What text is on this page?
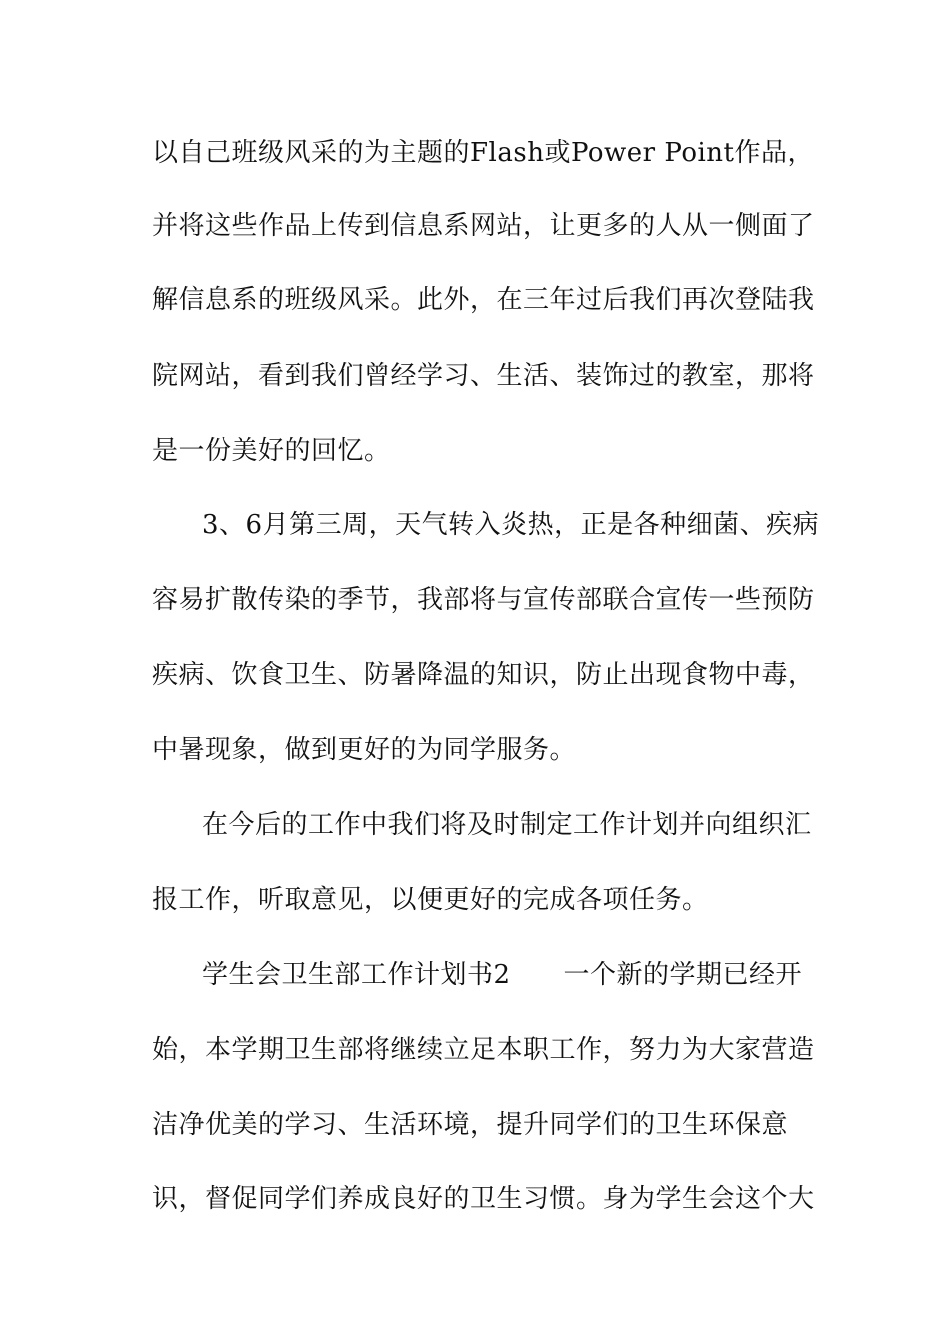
以自己班级风采的为主题的Flash或Power Point作品，
并将这些作品上传到信息系网站，让更多的人从一侧面了
解信息系的班级风采。此外，在三年过后我们再次登陆我
院网站，看到我们曾经学习、生活、装饰过的教室，那将
是一份美好的回忆。
3、6月第三周，天气转入炎热，正是各种细菌、疾病
容易扩散传染的季节，我部将与宣传部联合宣传一些预防
疾病、饮食卫生、防暑降温的知识，防止出现食物中毒，
中暑现象，做到更好的为同学服务。
在今后的工作中我们将及时制定工作计划并向组织汇
报工作，听取意见，以便更好的完成各项任务。
学生会卫生部工作计划书2　　一个新的学期已经开
始，本学期卫生部将继续立足本职工作，努力为大家营造
洁净优美的学习、生活环境，提升同学们的卫生环保意
识，督促同学们养成良好的卫生习惯。身为学生会这个大
